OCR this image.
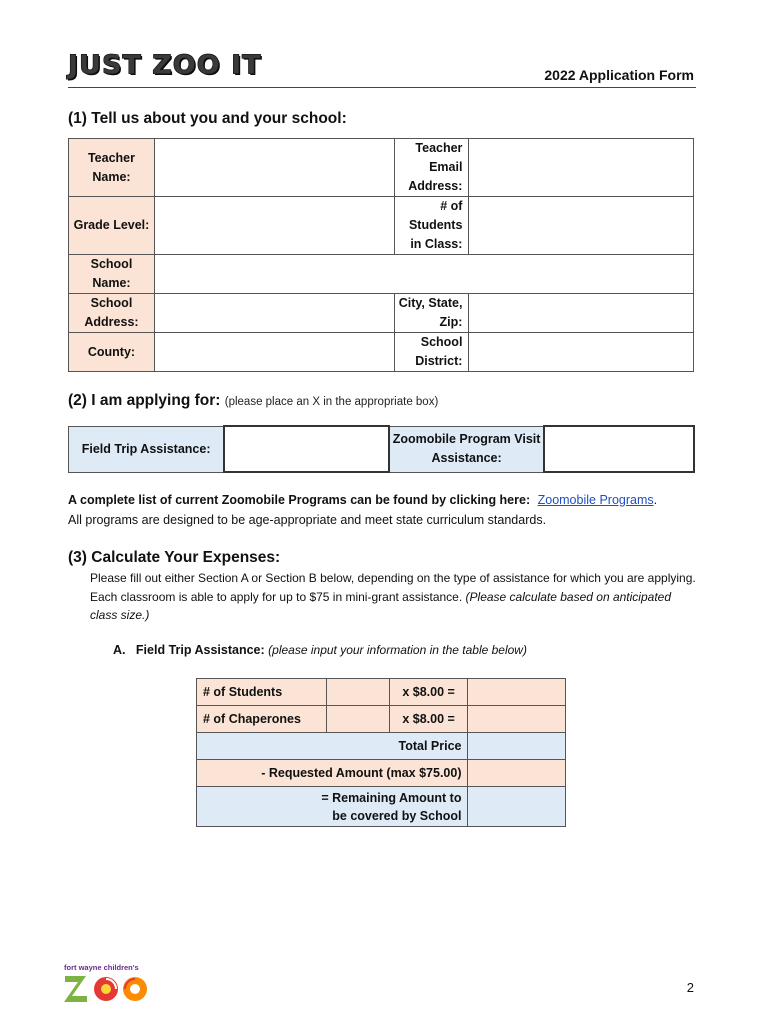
JUST ZOO IT	2022 Application Form
(1) Tell us about you and your school:
Teacher Name:		Teacher Email Address:	
Grade Level:		# of Students in Class:	
School Name:			
School Address:		City, State, Zip:	
County:		School District:	
(2) I am applying for: (please place an X in the appropriate box)
Field Trip Assistance:		Zoomobile Program Visit Assistance:	
A complete list of current Zoomobile Programs can be found by clicking here: Zoomobile Programs.
All programs are designed to be age-appropriate and meet state curriculum standards.
(3) Calculate Your Expenses:
Please fill out either Section A or Section B below, depending on the type of assistance for which you are applying. Each classroom is able to apply for up to $75 in mini-grant assistance. (Please calculate based on anticipated class size.)
A. Field Trip Assistance: (please input your information in the table below)
# of Students		x $8.00 =	
# of Chaperones		x $8.00 =	
Total Price			
- Requested Amount (max $75.00)			
= Remaining Amount to be covered by School			
fort wayne children's
2
